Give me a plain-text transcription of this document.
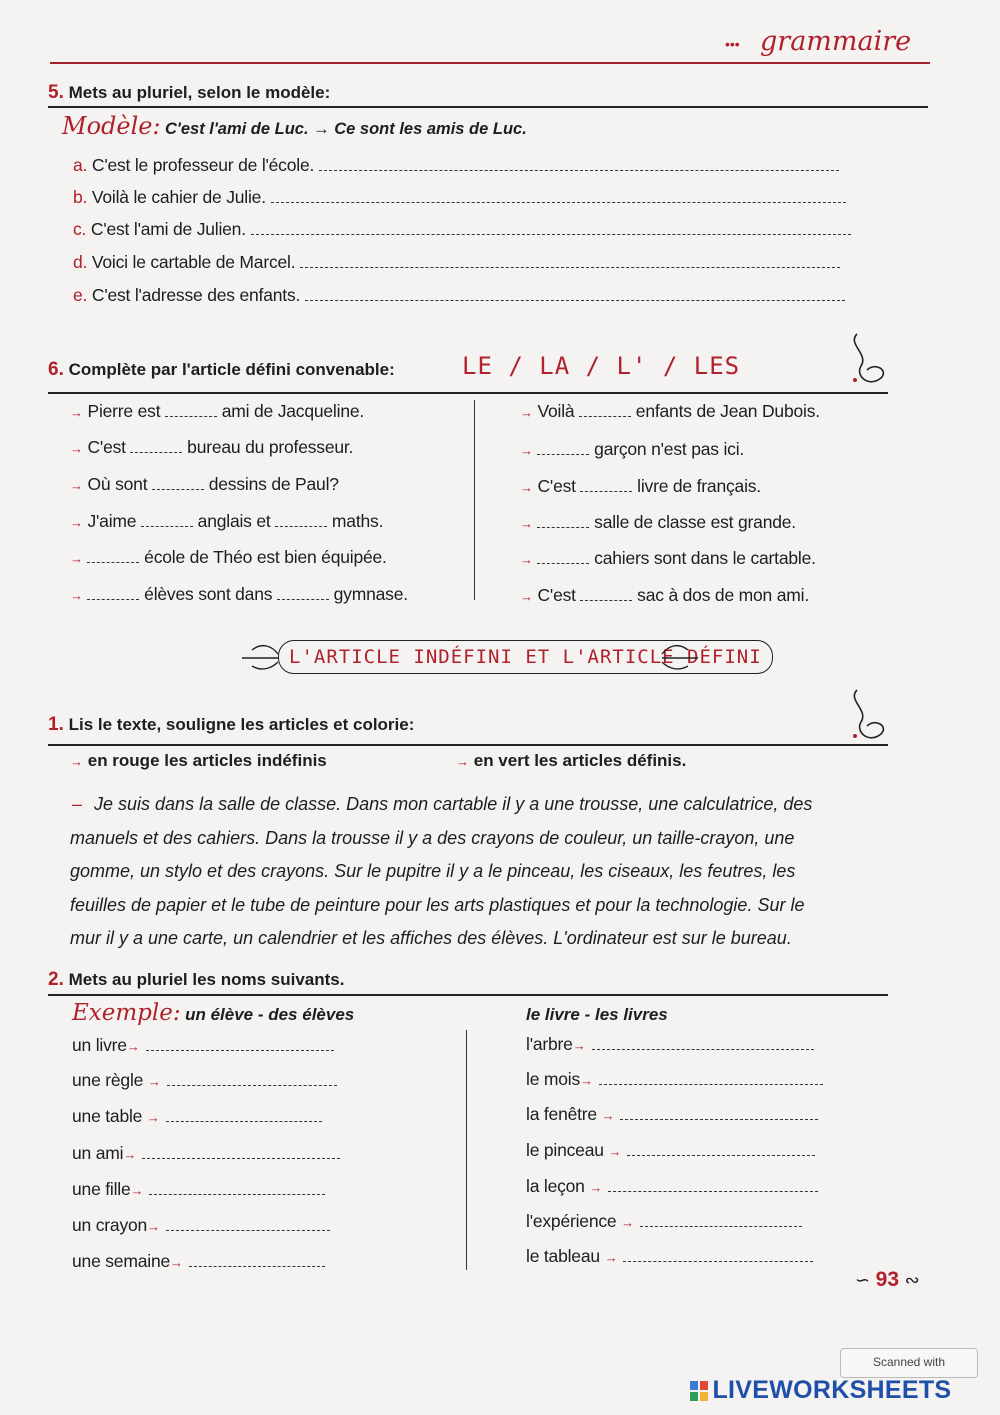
••• grammaire
5. Mets au pluriel, selon le modèle:
Modèle: C'est l'ami de Luc. → Ce sont les amis de Luc.
a. C'est le professeur de l'école.
b. Voilà le cahier de Julie.
c. C'est l'ami de Julien.
d. Voici le cartable de Marcel.
e. C'est l'adresse des enfants.
6. Complète par l'article défini convenable:	LE / LA / L' / LES
→ Pierre est	ami de Jacqueline.
→ C'est	bureau du professeur.
→ Où sont	dessins de Paul?
→ J'aime	anglais et	maths.
→	école de Théo est bien équipée.
→	élèves sont dans	gymnase.
→ Voilà	enfants de Jean Dubois.
→	garçon n'est pas ici.
→ C'est	livre de français.
→	salle de classe est grande.
→	cahiers sont dans le cartable.
→ C'est	sac à dos de mon ami.
L'ARTICLE INDÉFINI ET L'ARTICLE DÉFINI
1. Lis le texte, souligne les articles et colorie:
→ en rouge les articles indéfinis	→ en vert les articles définis.
– Je suis dans la salle de classe. Dans mon cartable il y a une trousse, une calculatrice, des
manuels et des cahiers. Dans la trousse il y a des crayons de couleur, un taille-crayon, une
gomme, un stylo et des crayons. Sur le pupitre il y a le pinceau, les ciseaux, les feutres, les
feuilles de papier et le tube de peinture pour les arts plastiques et pour la technologie. Sur le
mur il y a une carte, un calendrier et les affiches des élèves. L'ordinateur est sur le bureau.
2. Mets au pluriel les noms suivants.
Exemple: un élève - des élèves	le livre - les livres
un livre→
une règle →
une table →
un ami→
une fille→
un crayon→
une semaine→
l'arbre→
le mois→
la fenêtre →
le pinceau →
la leçon →
l'expérience →
le tableau →
∽ 93 ∾
Scanned with
LIVEWORKSHEETS
